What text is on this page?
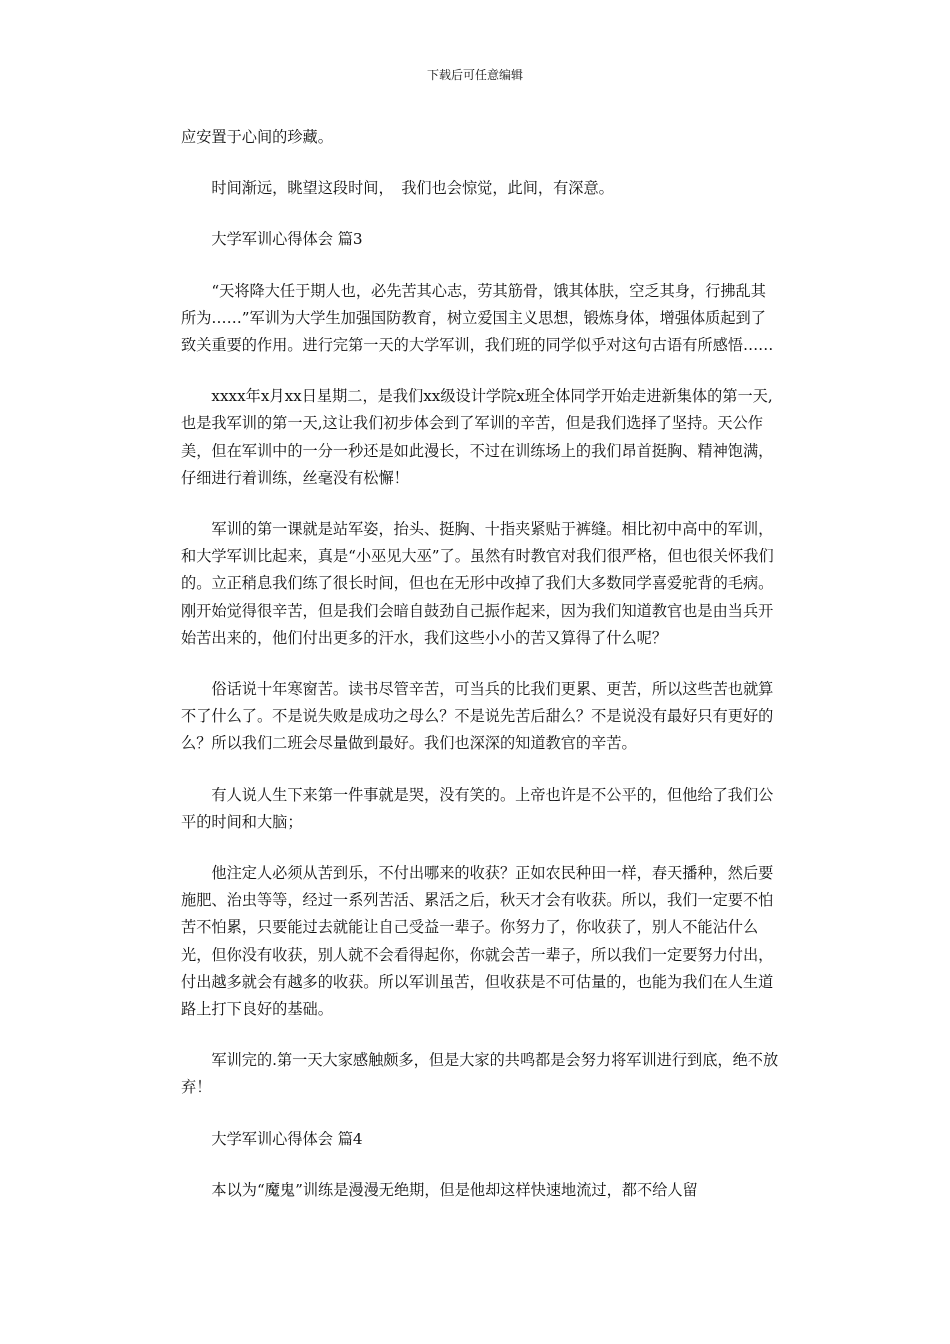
下载后可任意编辑

应安置于心间的珍藏。

时间渐远，眺望这段时间，　我们也会惊觉，此间，有深意。

大学军训心得体会 篇3

“天将降大任于期人也，必先苦其心志，劳其筋骨，饿其体肤，空乏其身，行拂乱其所为……”军训为大学生加强国防教育，树立爱国主义思想，锻炼身体，增强体质起到了致关重要的作用。进行完第一天的大学军训，我们班的同学似乎对这句古语有所感悟……

xxxx年x月xx日星期二，是我们xx级设计学院x班全体同学开始走进新集体的第一天,也是我军训的第一天,这让我们初步体会到了军训的辛苦，但是我们选择了坚持。天公作美，但在军训中的一分一秒还是如此漫长，不过在训练场上的我们昂首挺胸、精神饱满，仔细进行着训练，丝毫没有松懈！

军训的第一课就是站军姿，抬头、挺胸、十指夹紧贴于裤缝。相比初中高中的军训，和大学军训比起来，真是“小巫见大巫”了。虽然有时教官对我们很严格，但也很关怀我们的。立正稍息我们练了很长时间，但也在无形中改掉了我们大多数同学喜爱驼背的毛病。刚开始觉得很辛苦，但是我们会暗自鼓劲自己振作起来，因为我们知道教官也是由当兵开始苦出来的，他们付出更多的汗水，我们这些小小的苦又算得了什么呢？

俗话说十年寒窗苦。读书尽管辛苦，可当兵的比我们更累、更苦，所以这些苦也就算不了什么了。不是说失败是成功之母么？不是说先苦后甜么？不是说没有最好只有更好的么？所以我们二班会尽量做到最好。我们也深深的知道教官的辛苦。

有人说人生下来第一件事就是哭，没有笑的。上帝也许是不公平的，但他给了我们公平的时间和大脑；

他注定人必须从苦到乐，不付出哪来的收获？正如农民种田一样，春天播种，然后要施肥、治虫等等，经过一系列苦活、累活之后，秋天才会有收获。所以，我们一定要不怕苦不怕累，只要能过去就能让自己受益一辈子。你努力了，你收获了，别人不能沾什么光，但你没有收获，别人就不会看得起你，你就会苦一辈子，所以我们一定要努力付出，付出越多就会有越多的收获。所以军训虽苦，但收获是不可估量的，也能为我们在人生道路上打下良好的基础。

军训完的.第一天大家感触颇多，但是大家的共鸣都是会努力将军训进行到底，绝不放弃！

大学军训心得体会 篇4

本以为“魔鬼”训练是漫漫无绝期，但是他却这样快速地流过，都不给人留
